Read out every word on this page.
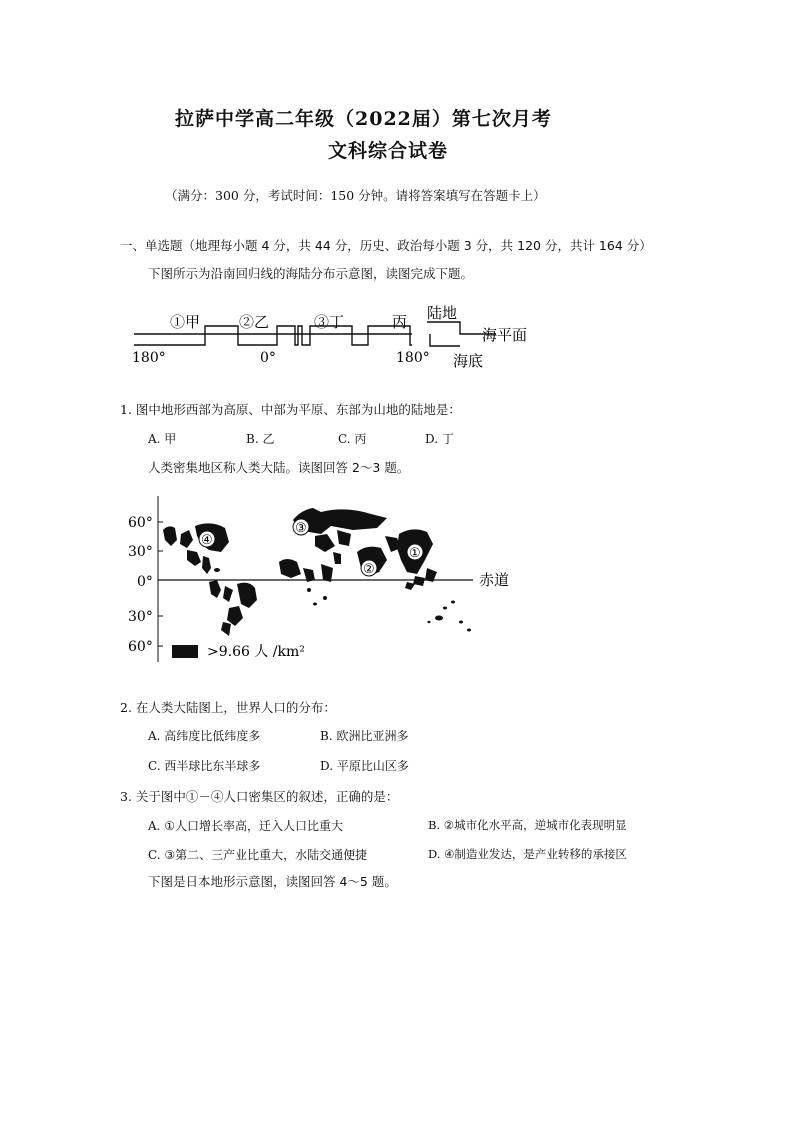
拉萨中学高二年级（2022届）第七次月考
文科综合试卷
（满分：300 分，考试时间：150 分钟。请将答案填写在答题卡上）
一、单选题（地理每小题 4 分，共 44 分，历史、政治每小题 3 分，共 120 分，共计 164 分）
下图所示为沿南回归线的海陆分布示意图，读图完成下题。
①甲	②乙	③丁	丙
180°	0°	180°
陆地
海平面
海底
1. 图中地形西部为高原、中部为平原、东部为山地的陆地是：
A. 甲	B. 乙	C. 丙	D. 丁
人类密集地区称人类大陆。读图回答 2～3 题。
60°
30°
0°
30°
60°
赤道
④
③
②
①
>9.66 人 /km²
2. 在人类大陆图上，世界人口的分布：
A. 高纬度比低纬度多	B. 欧洲比亚洲多
C. 西半球比东半球多	D. 平原比山区多
3. 关于图中①－④人口密集区的叙述，正确的是：
A. ①人口增长率高，迁入人口比重大	B. ②城市化水平高，逆城市化表现明显
C. ③第二、三产业比重大，水陆交通便捷	D. ④制造业发达，是产业转移的承接区
下图是日本地形示意图，读图回答 4～5 题。
